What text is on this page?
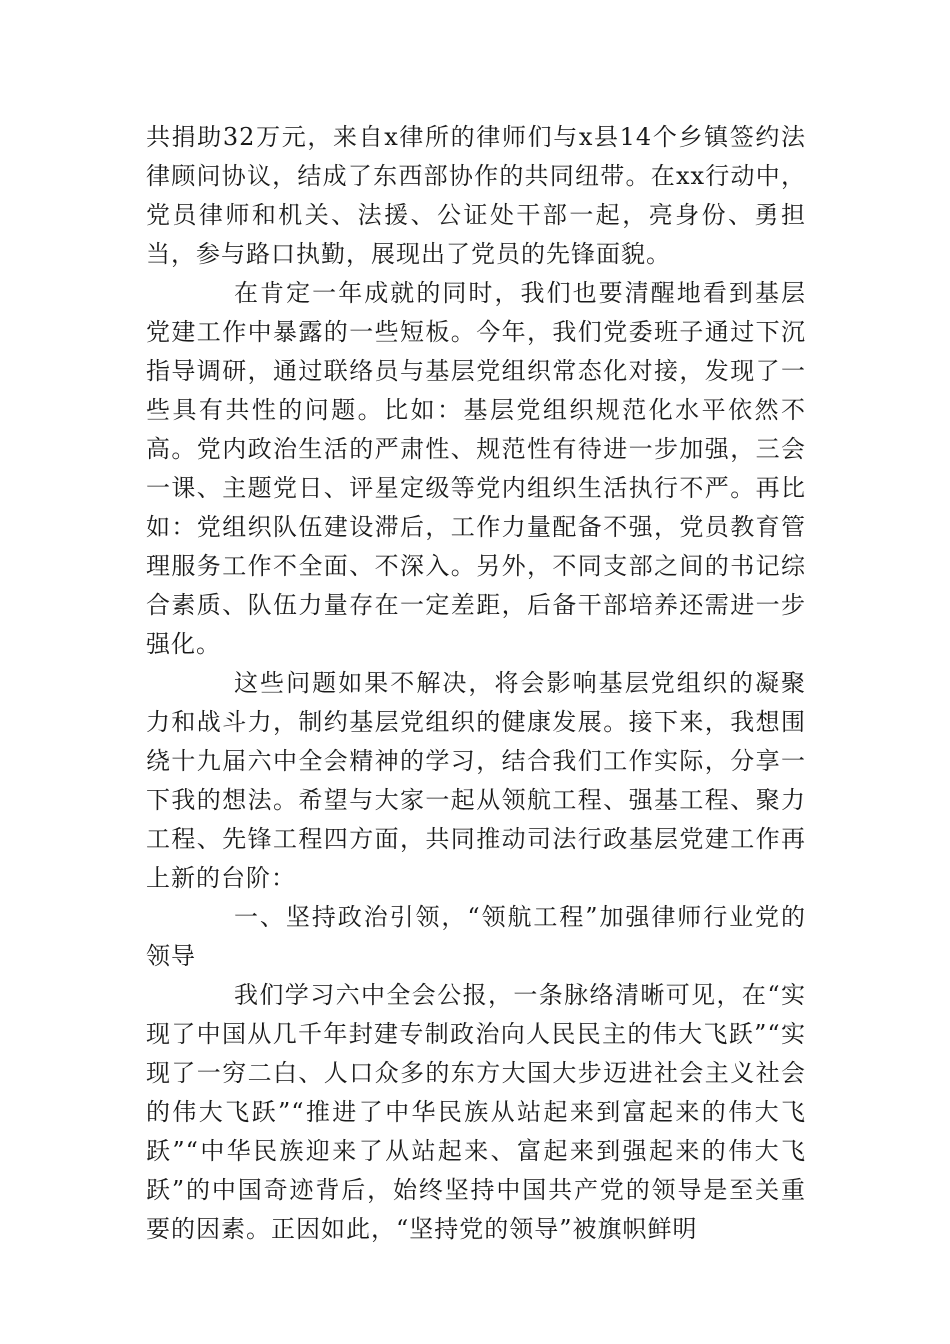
共捐助32万元，来自x律所的律师们与x县14个乡镇签约法律顾问协议，结成了东西部协作的共同纽带。在xx行动中，党员律师和机关、法援、公证处干部一起，亮身份、勇担当，参与路口执勤，展现出了党员的先锋面貌。

在肯定一年成就的同时，我们也要清醒地看到基层党建工作中暴露的一些短板。今年，我们党委班子通过下沉指导调研，通过联络员与基层党组织常态化对接，发现了一些具有共性的问题。比如：基层党组织规范化水平依然不高。党内政治生活的严肃性、规范性有待进一步加强，三会一课、主题党日、评星定级等党内组织生活执行不严。再比如：党组织队伍建设滞后，工作力量配备不强，党员教育管理服务工作不全面、不深入。另外，不同支部之间的书记综合素质、队伍力量存在一定差距，后备干部培养还需进一步强化。

这些问题如果不解决，将会影响基层党组织的凝聚力和战斗力，制约基层党组织的健康发展。接下来，我想围绕十九届六中全会精神的学习，结合我们工作实际，分享一下我的想法。希望与大家一起从领航工程、强基工程、聚力工程、先锋工程四方面，共同推动司法行政基层党建工作再上新的台阶：

一、坚持政治引领，“领航工程”加强律师行业党的领导

我们学习六中全会公报，一条脉络清晰可见，在“实现了中国从几千年封建专制政治向人民民主的伟大飞跃”“实现了一穷二白、人口众多的东方大国大步迈进社会主义社会的伟大飞跃”“推进了中华民族从站起来到富起来的伟大飞跃”“中华民族迎来了从站起来、富起来到强起来的伟大飞跃”的中国奇迹背后，始终坚持中国共产党的领导是至关重要的因素。正因如此，“坚持党的领导”被旗帜鲜明
